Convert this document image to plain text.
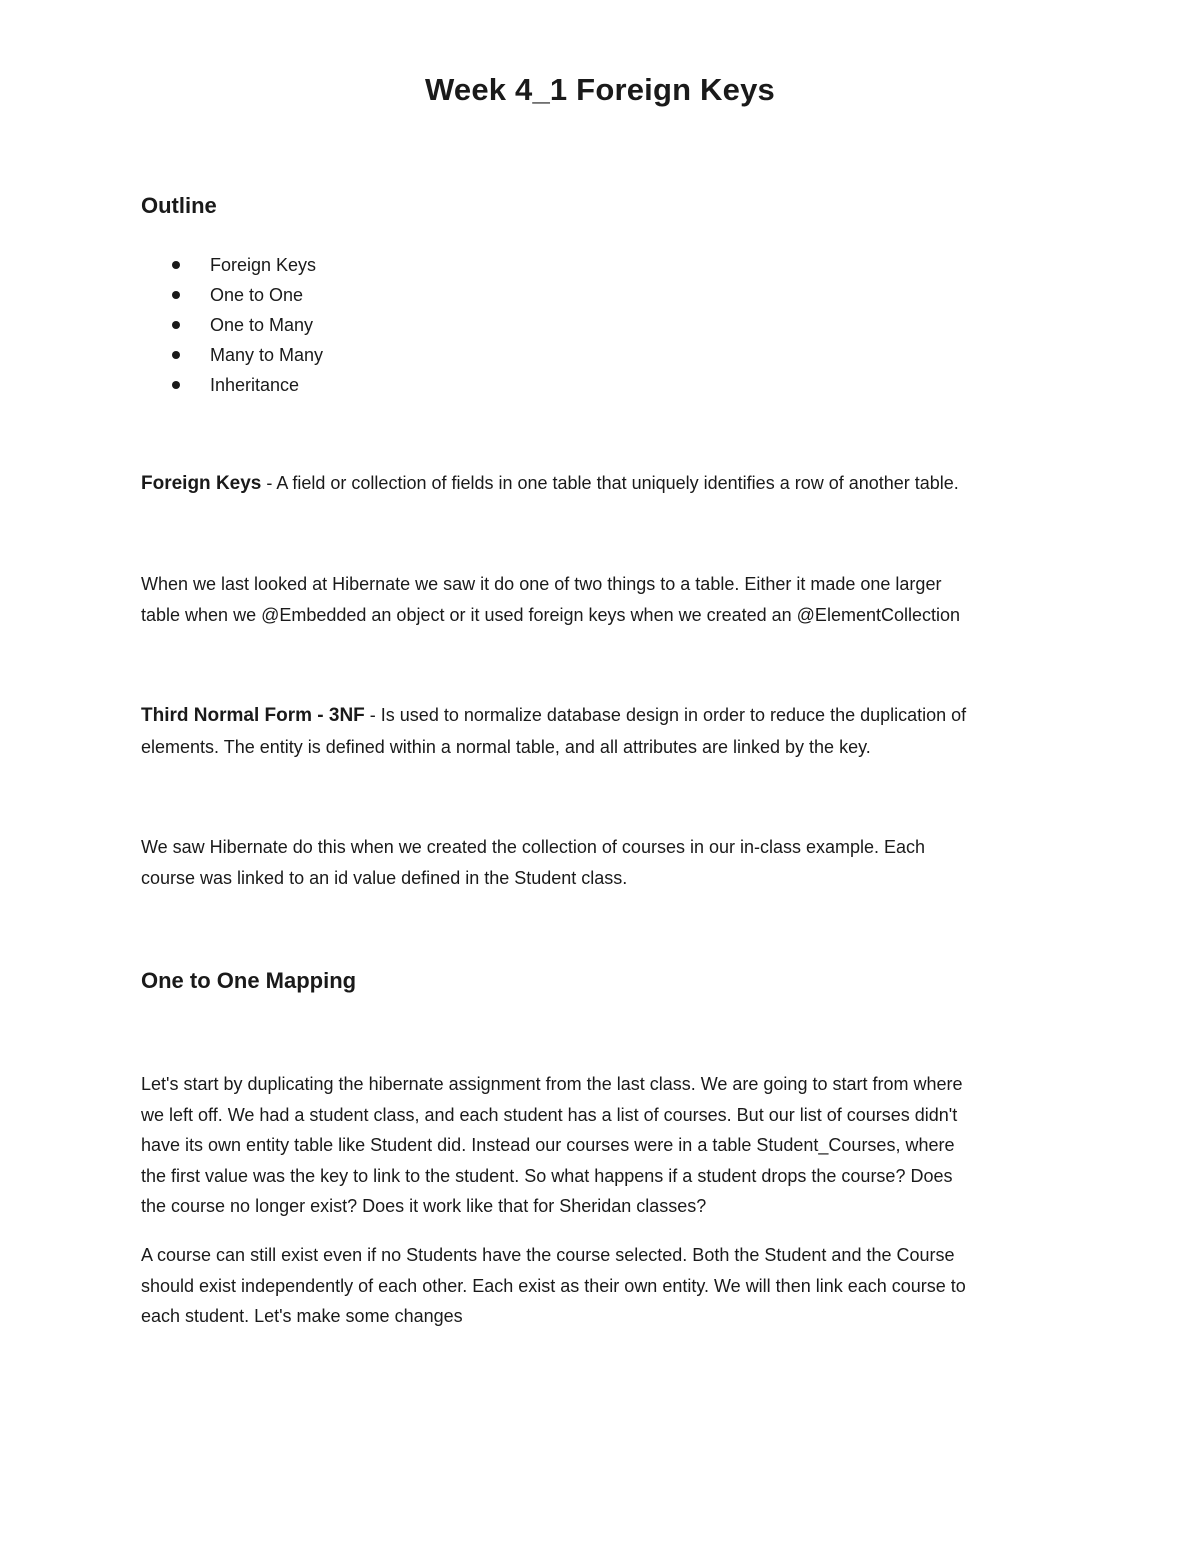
Week 4_1 Foreign Keys
Outline
Foreign Keys
One to One
One to Many
Many to Many
Inheritance
Foreign Keys - A field or collection of fields in one table that uniquely identifies a row of another table.
When we last looked at Hibernate we saw it do one of two things to a table. Either it made one larger
table when we @Embedded an object or it used foreign keys when we created an @ElementCollection
Third Normal Form - 3NF - Is used to normalize database design in order to reduce the duplication of
elements. The entity is defined within a normal table, and all attributes are linked by the key.
We saw Hibernate do this when we created the collection of courses in our in-class example. Each
course was linked to an id value defined in the Student class.
One to One Mapping
Let's start by duplicating the hibernate assignment from the last class. We are going to start from where
we left off. We had a student class, and each student has a list of courses. But our list of courses didn't
have its own entity table like Student did. Instead our courses were in a table Student_Courses, where
the first value was the key to link to the student. So what happens if a student drops the course? Does
the course no longer exist? Does it work like that for Sheridan classes?
A course can still exist even if no Students have the course selected. Both the Student and the Course
should exist independently of each other. Each exist as their own entity. We will then link each course to
each student. Let's make some changes
